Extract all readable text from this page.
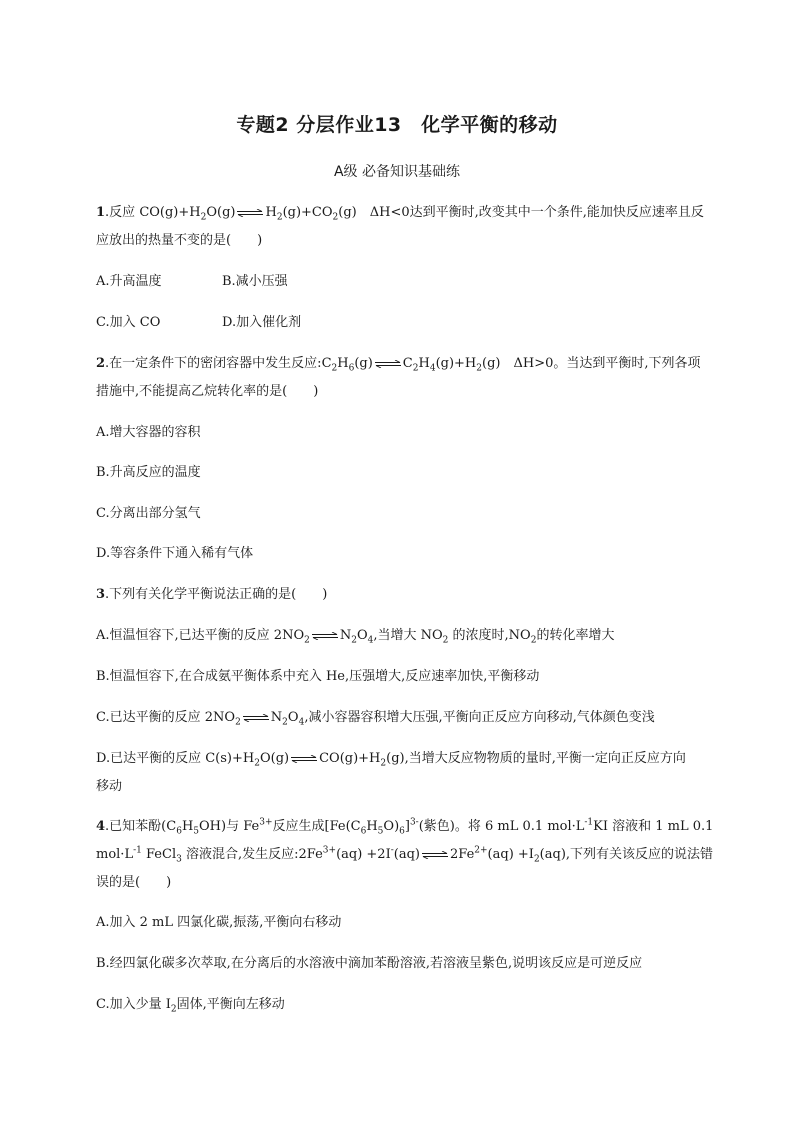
专题2 分层作业13　化学平衡的移动
A级 必备知识基础练
1.反应 $CO(g)+H_2O(g)\rightleftharpoons H_2(g)+CO_2(g)$　 ΔH<0达到平衡时,改变其中一个条件,能加快反应速率且反
应放出的热量不变的是(　　)
A.升高温度	B.减小压强
C.加入 CO	D.加入催化剂
2.在一定条件下的密闭容器中发生反应$:C_2H_6(g)\rightleftharpoons C_2H_4(g)+H_2(g)$　 ΔH>0。当达到平衡时,下列各项
措施中,不能提高乙烷转化率的是(　　)
A.增大容器的容积
B.升高反应的温度
C.分离出部分氢气
D.等容条件下通入稀有气体
3.下列有关化学平衡说法正确的是(　　)
A.恒温恒容下,已达平衡的反应 $2NO_2$ $\rightleftharpoons N_2O_4$,当增大 $NO_2$ 的浓度时$,NO_2$的转化率增大
B.恒温恒容下,在合成氨平衡体系中充入 He,压强增大,反应速率加快,平衡移动
C.已达平衡的反应 $2NO_2$ $\rightleftharpoons N_2O_4$,减小容器容积增大压强,平衡向正反应方向移动,气体颜色变浅
D.已达平衡的反应 $C(s)+H_2O(g)\rightleftharpoons CO(g)+H_2(g)$,当增大反应物物质的量时,平衡一定向正反应方向
移动
4.已知苯酚$(C_6H_5OH)$与 $Fe^{3+}$反应生成$[Fe(C_6H_5O)_6]^{3-}$(紫色)。将 6 mL 0.1 $mol\cdot L^{-1}KI$ 溶液和 1 mL 0.1
$mol\cdot L^{-1}$ FeCl$_3$ 溶液混合,发生反应$:2Fe^{3+}(aq)$ $+2I^-(aq)\rightleftharpoons 2Fe^{2+}(aq) +I_2(aq)$,下列有关该反应的说法错
误的是(　　)
A.加入 2 mL 四氯化碳,振荡,平衡向右移动
B.经四氯化碳多次萃取,在分离后的水溶液中滴加苯酚溶液,若溶液呈紫色,说明该反应是可逆反应
C.加入少量 $I_2$固体,平衡向左移动
